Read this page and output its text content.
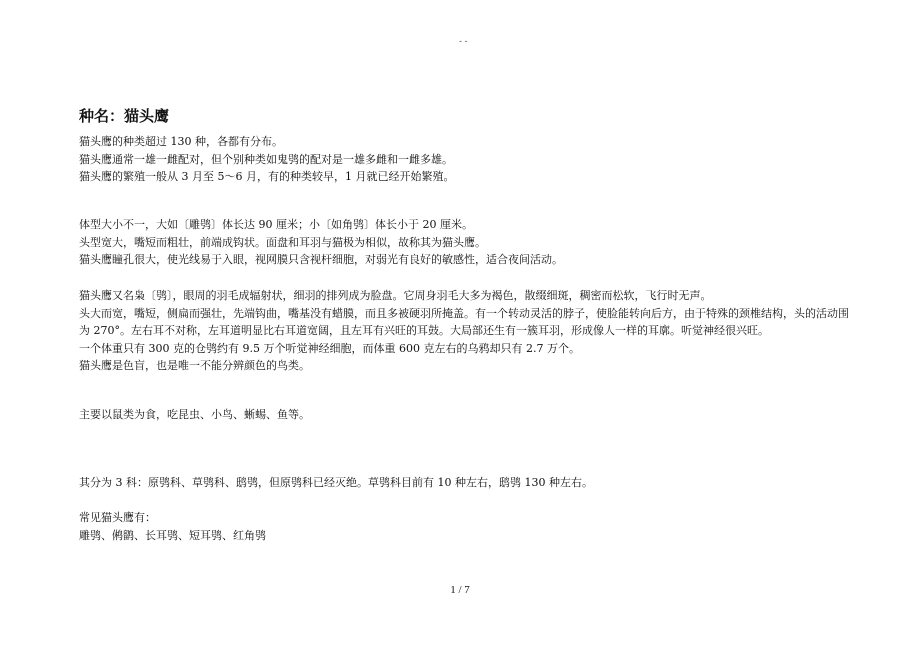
- -
种名：猫头鹰
猫头鹰的种类超过 130 种，各都有分布。
猫头鹰通常一雄一雌配对，但个别种类如鬼鸮的配对是一雄多雌和一雌多雄。
猫头鹰的繁殖一般从 3 月至 5～6 月，有的种类较早，1 月就已经开始繁殖。
体型大小不一，大如〔雕鸮〕体长达 90 厘米；小〔如角鸮〕体长小于 20 厘米。
头型宽大，嘴短而粗壮，前端成钩状。面盘和耳羽与猫极为相似，故称其为猫头鹰。
猫头鹰瞳孔很大，使光线易于入眼，视网膜只含视杆细胞，对弱光有良好的敏感性，适合夜间活动。
猫头鹰又名枭〔鸮〕，眼周的羽毛成辐射状，细羽的排列成为脸盘。它周身羽毛大多为褐色，散缀细斑，稠密而松软，飞行时无声。
头大而宽，嘴短，侧扁而强壮，先端钩曲，嘴基没有蜡膜，而且多被硬羽所掩盖。有一个转动灵活的脖子，使脸能转向后方，由于特殊的颈椎结构，头的活动围为 270°。左右耳不对称，左耳道明显比右耳道宽阔，且左耳有兴旺的耳鼓。大局部还生有一簇耳羽，形成像人一样的耳廓。听觉神经很兴旺。
一个体重只有 300 克的仓鸮约有 9.5 万个听觉神经细胞，而体重 600 克左右的乌鸦却只有 2.7 万个。
猫头鹰是色盲，也是唯一不能分辨颜色的鸟类。
主要以鼠类为食，吃昆虫、小鸟、蜥蜴、鱼等。
其分为 3 科：原鸮科、草鸮科、鸱鸮，但原鸮科已经灭绝。草鸮科目前有 10 种左右，鸱鸮 130 种左右。
常见猫头鹰有：
雕鸮、鸺鹠、长耳鸮、短耳鸮、红角鸮
1 / 7
